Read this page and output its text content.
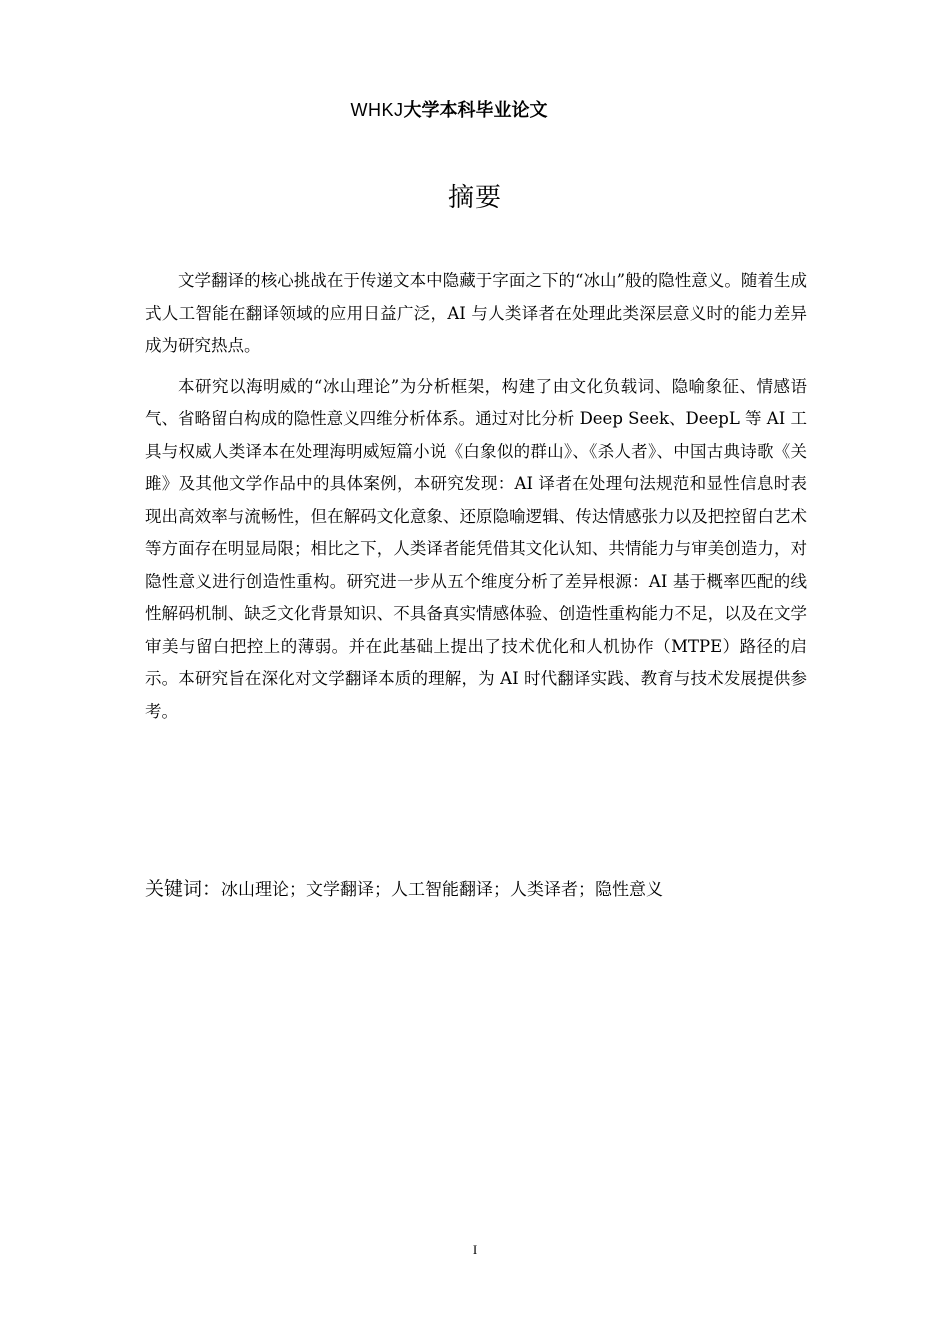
WHKJ大学本科毕业论文
摘要

文学翻译的核心挑战在于传递文本中隐藏于字面之下的“冰山”般的隐性意义。随着生成式人工智能在翻译领域的应用日益广泛，AI 与人类译者在处理此类深层意义时的能力差异成为研究热点。

本研究以海明威的“冰山理论”为分析框架，构建了由文化负载词、隐喻象征、情感语气、省略留白构成的隐性意义四维分析体系。通过对比分析 Deep Seek、DeepL 等 AI 工具与权威人类译本在处理海明威短篇小说《白象似的群山》、《杀人者》、中国古典诗歌《关雎》及其他文学作品中的具体案例，本研究发现：AI 译者在处理句法规范和显性信息时表现出高效率与流畅性，但在解码文化意象、还原隐喻逻辑、传达情感张力以及把控留白艺术等方面存在明显局限；相比之下，人类译者能凭借其文化认知、共情能力与审美创造力，对隐性意义进行创造性重构。研究进一步从五个维度分析了差异根源：AI 基于概率匹配的线性解码机制、缺乏文化背景知识、不具备真实情感体验、创造性重构能力不足，以及在文学审美与留白把控上的薄弱。并在此基础上提出了技术优化和人机协作（MTPE）路径的启示。本研究旨在深化对文学翻译本质的理解，为 AI 时代翻译实践、教育与技术发展提供参考。

关键词：冰山理论；文学翻译；人工智能翻译；人类译者；隐性意义
I
